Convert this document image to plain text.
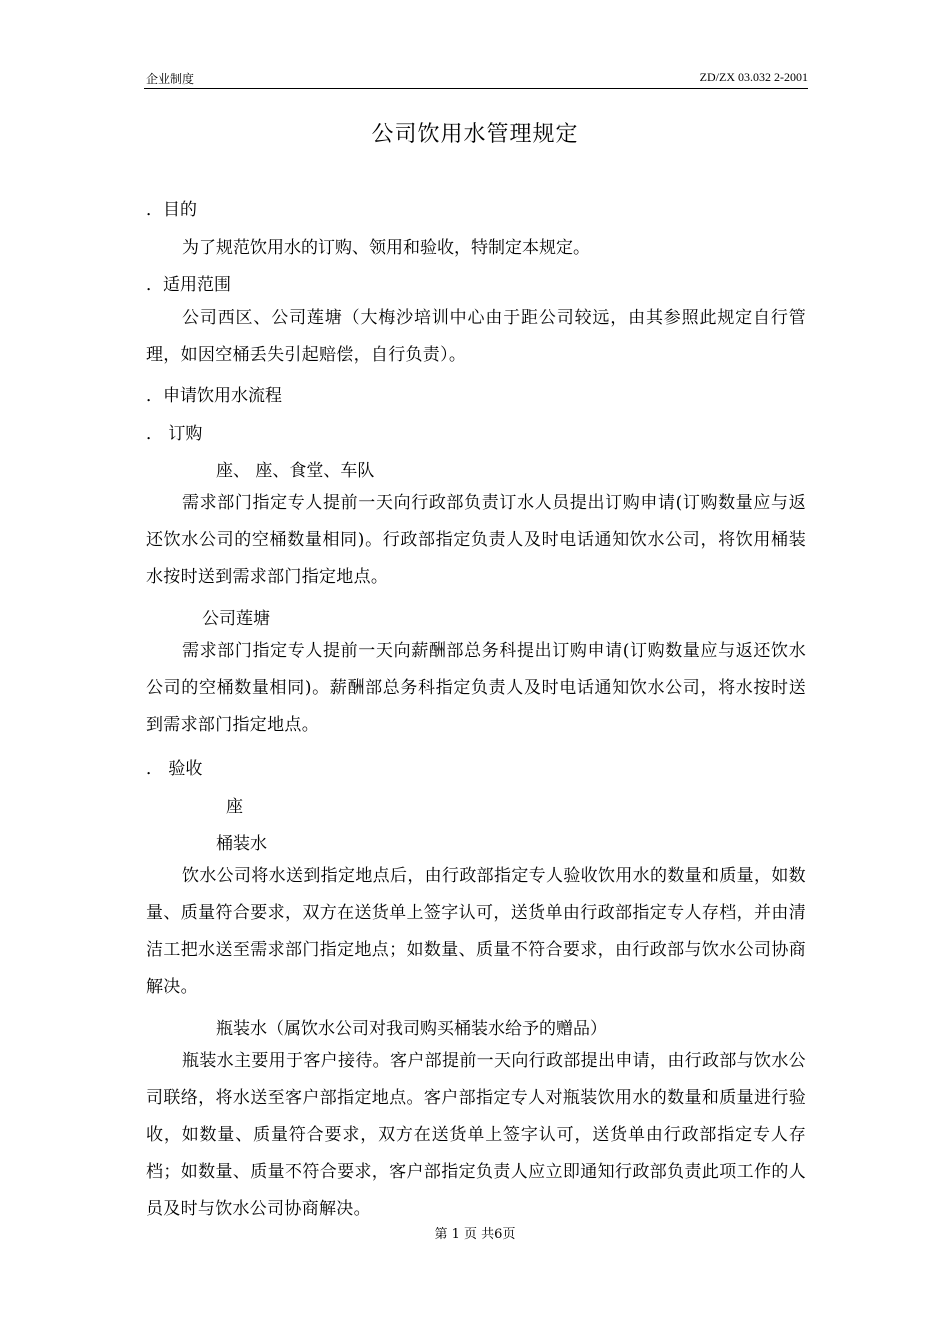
企业制度	ZD/ZX 03.032 2-2001
公司饮用水管理规定
．目的
为了规范饮用水的订购、领用和验收，特制定本规定。
．适用范围
公司西区、公司莲塘（大梅沙培训中心由于距公司较远，由其参照此规定自行管理，如因空桶丢失引起赔偿，自行负责）。
．申请饮用水流程
． 订购
座、 座、食堂、车队
需求部门指定专人提前一天向行政部负责订水人员提出订购申请(订购数量应与返还饮水公司的空桶数量相同)。行政部指定负责人及时电话通知饮水公司，将饮用桶装水按时送到需求部门指定地点。
公司莲塘
需求部门指定专人提前一天向薪酬部总务科提出订购申请(订购数量应与返还饮水公司的空桶数量相同)。薪酬部总务科指定负责人及时电话通知饮水公司，将水按时送到需求部门指定地点。
． 验收
座
桶装水
饮水公司将水送到指定地点后，由行政部指定专人验收饮用水的数量和质量，如数量、质量符合要求，双方在送货单上签字认可，送货单由行政部指定专人存档，并由清洁工把水送至需求部门指定地点；如数量、质量不符合要求，由行政部与饮水公司协商解决。
瓶装水（属饮水公司对我司购买桶装水给予的赠品）
瓶装水主要用于客户接待。客户部提前一天向行政部提出申请，由行政部与饮水公司联络，将水送至客户部指定地点。客户部指定专人对瓶装饮用水的数量和质量进行验收，如数量、质量符合要求，双方在送货单上签字认可，送货单由行政部指定专人存档；如数量、质量不符合要求，客户部指定负责人应立即通知行政部负责此项工作的人员及时与饮水公司协商解决。
第 1 页 共6页
